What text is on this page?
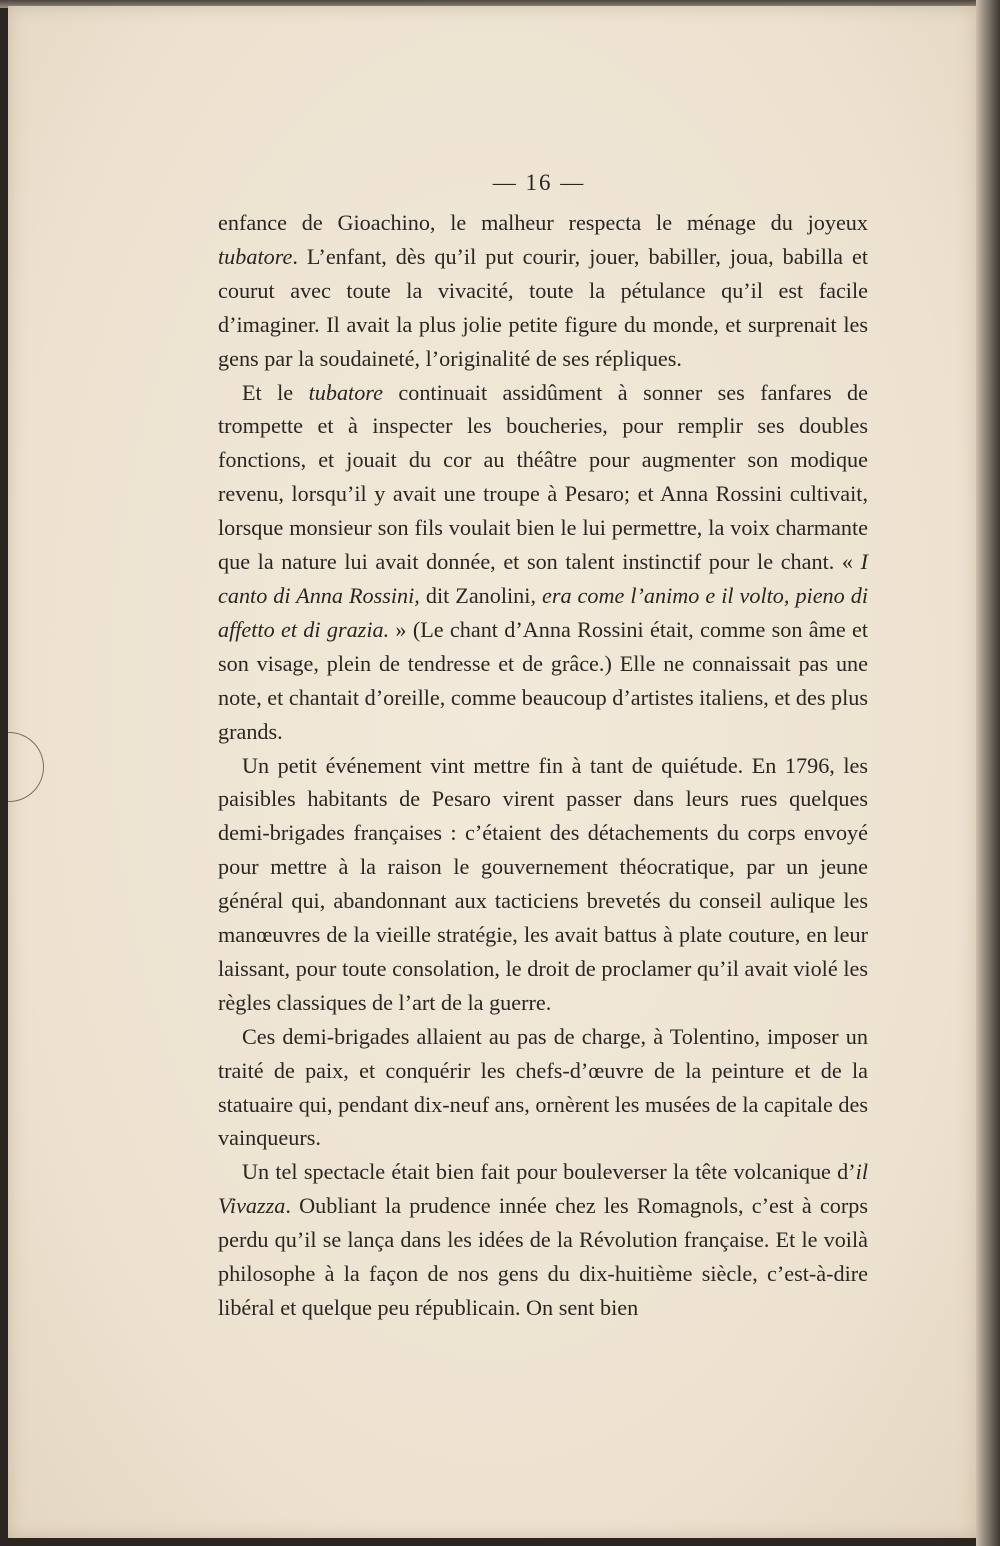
— 16 —

enfance de Gioachino, le malheur respecta le ménage du joyeux tubatore. L’enfant, dès qu’il put courir, jouer, babiller, joua, babilla et courut avec toute la vivacité, toute la pétulance qu’il est facile d’imaginer. Il avait la plus jolie petite figure du monde, et surprenait les gens par la soudaineté, l’originalité de ses répliques.

Et le tubatore continuait assidûment à sonner ses fanfares de trompette et à inspecter les boucheries, pour remplir ses doubles fonctions, et jouait du cor au théâtre pour augmenter son modique revenu, lorsqu’il y avait une troupe à Pesaro; et Anna Rossini cultivait, lorsque monsieur son fils voulait bien le lui permettre, la voix charmante que la nature lui avait donnée, et son talent instinctif pour le chant. « I canto di Anna Rossini, dit Zanolini, era come l’animo e il volto, pieno di affetto et di grazia. » (Le chant d’Anna Rossini était, comme son âme et son visage, plein de tendresse et de grâce.) Elle ne connaissait pas une note, et chantait d’oreille, comme beaucoup d’artistes italiens, et des plus grands.

Un petit événement vint mettre fin à tant de quiétude. En 1796, les paisibles habitants de Pesaro virent passer dans leurs rues quelques demi-brigades françaises : c’étaient des détachements du corps envoyé pour mettre à la raison le gouvernement théocratique, par un jeune général qui, abandonnant aux tacticiens brevetés du conseil aulique les manœuvres de la vieille stratégie, les avait battus à plate couture, en leur laissant, pour toute consolation, le droit de proclamer qu’il avait violé les règles classiques de l’art de la guerre.

Ces demi-brigades allaient au pas de charge, à Tolentino, imposer un traité de paix, et conquérir les chefs-d’œuvre de la peinture et de la statuaire qui, pendant dix-neuf ans, ornèrent les musées de la capitale des vainqueurs.

Un tel spectacle était bien fait pour bouleverser la tête volcanique d’il Vivazza. Oubliant la prudence innée chez les Romagnols, c’est à corps perdu qu’il se lança dans les idées de la Révolution française. Et le voilà philosophe à la façon de nos gens du dix-huitième siècle, c’est-à-dire libéral et quelque peu républicain. On sent bien
